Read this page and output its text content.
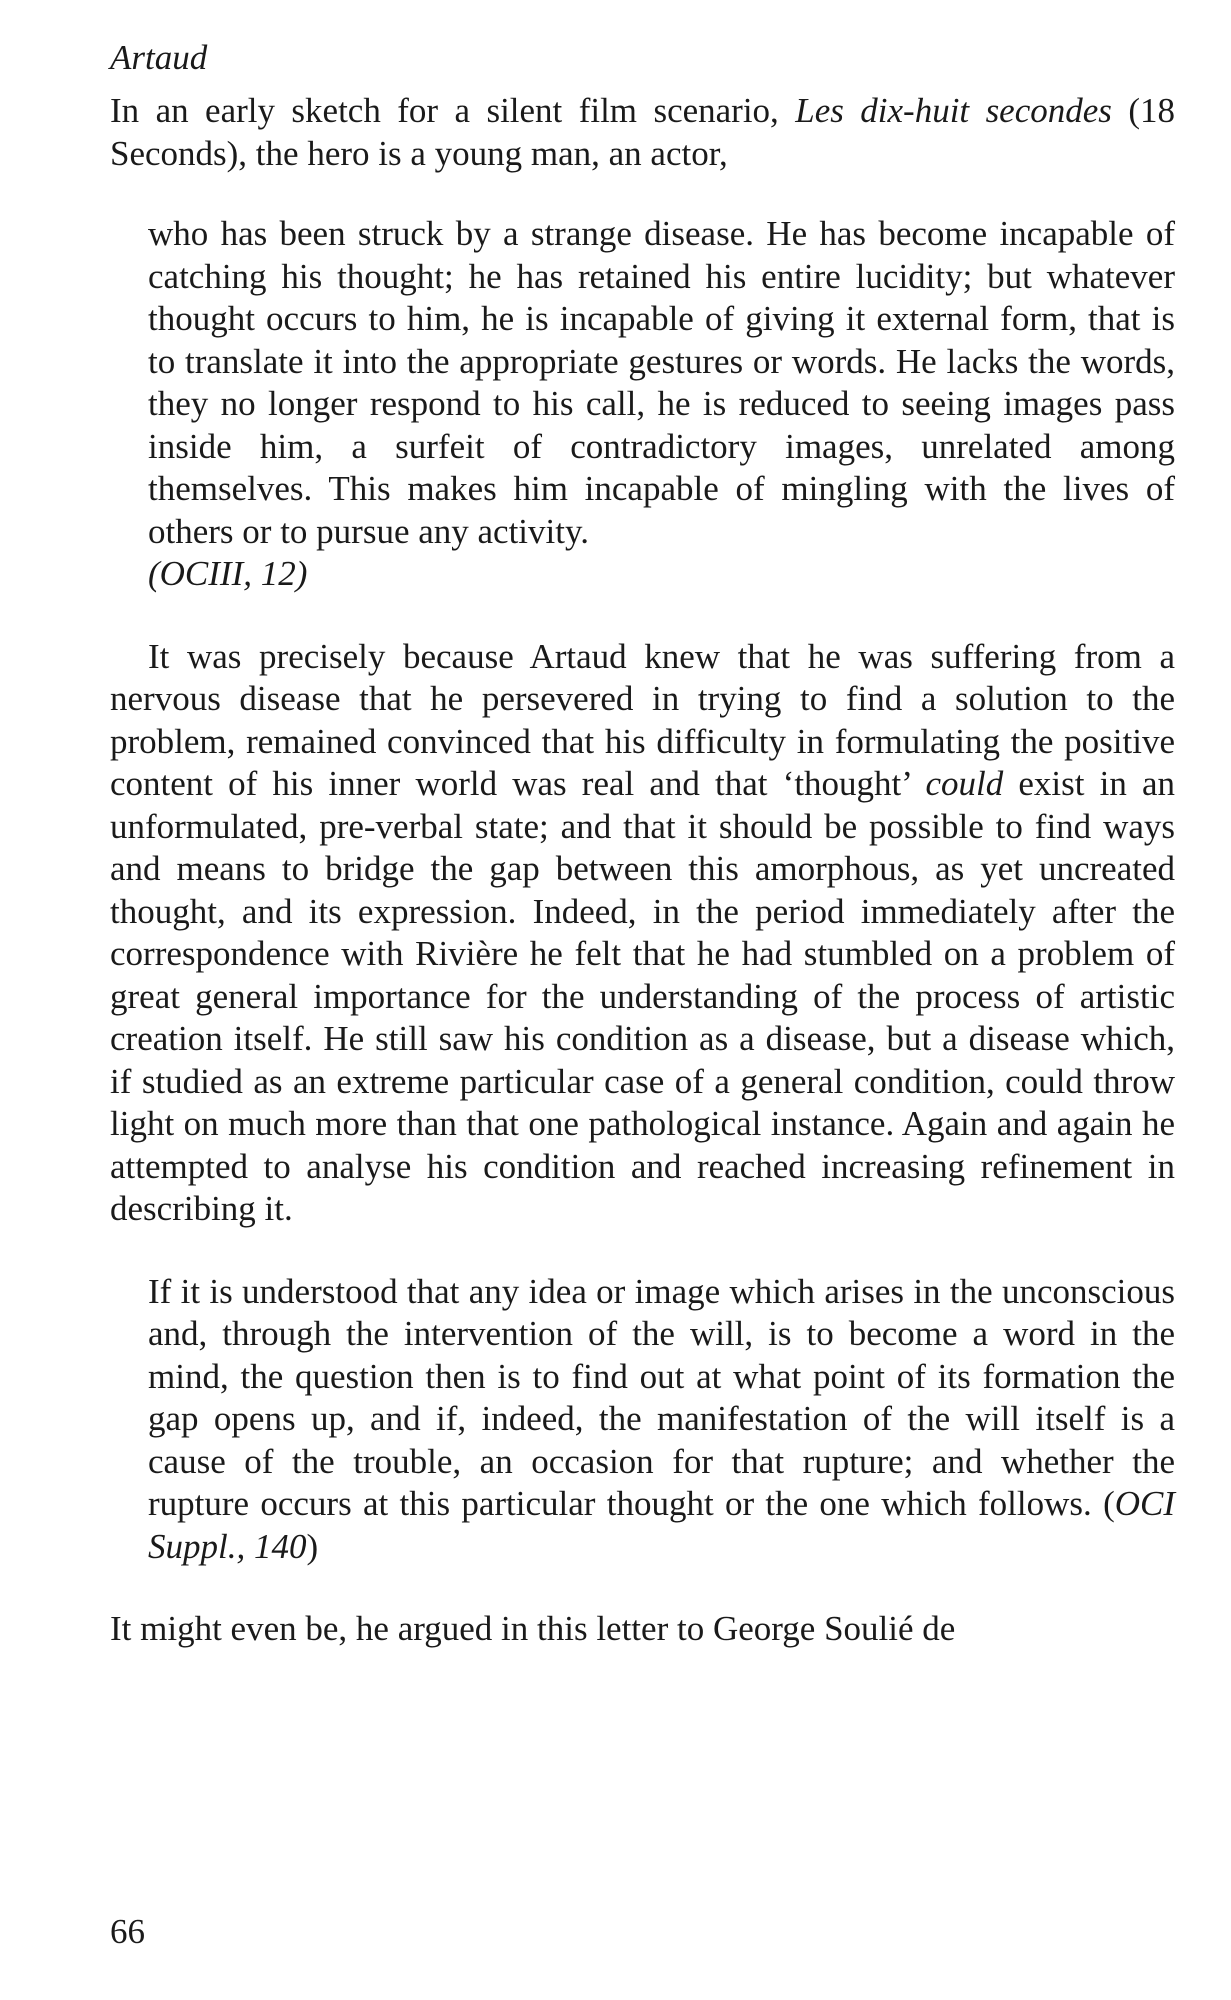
Artaud

In an early sketch for a silent film scenario, Les dix-huit secondes (18 Seconds), the hero is a young man, an actor,

who has been struck by a strange disease. He has become incapable of catching his thought; he has retained his entire lucidity; but whatever thought occurs to him, he is incapable of giving it external form, that is to translate it into the appropriate gestures or words. He lacks the words, they no longer respond to his call, he is reduced to seeing images pass inside him, a surfeit of contradictory images, unrelated among themselves. This makes him incapable of mingling with the lives of others or to pursue any activity.
(OCIII, 12)

It was precisely because Artaud knew that he was suffering from a nervous disease that he persevered in trying to find a solution to the problem, remained convinced that his difficulty in formulating the positive content of his inner world was real and that ‘thought’ could exist in an unformulated, pre-verbal state; and that it should be possible to find ways and means to bridge the gap between this amorphous, as yet uncreated thought, and its expression. Indeed, in the period immediately after the correspondence with Rivière he felt that he had stumbled on a problem of great general importance for the understanding of the process of artistic creation itself. He still saw his condition as a disease, but a disease which, if studied as an extreme particular case of a general condition, could throw light on much more than that one pathological instance. Again and again he attempted to analyse his condition and reached increasing refinement in describing it.

If it is understood that any idea or image which arises in the unconscious and, through the intervention of the will, is to become a word in the mind, the question then is to find out at what point of its formation the gap opens up, and if, indeed, the manifestation of the will itself is a cause of the trouble, an occasion for that rupture; and whether the rupture occurs at this particular thought or the one which follows. (OCI Suppl., 140)

It might even be, he argued in this letter to George Soulié de

66
